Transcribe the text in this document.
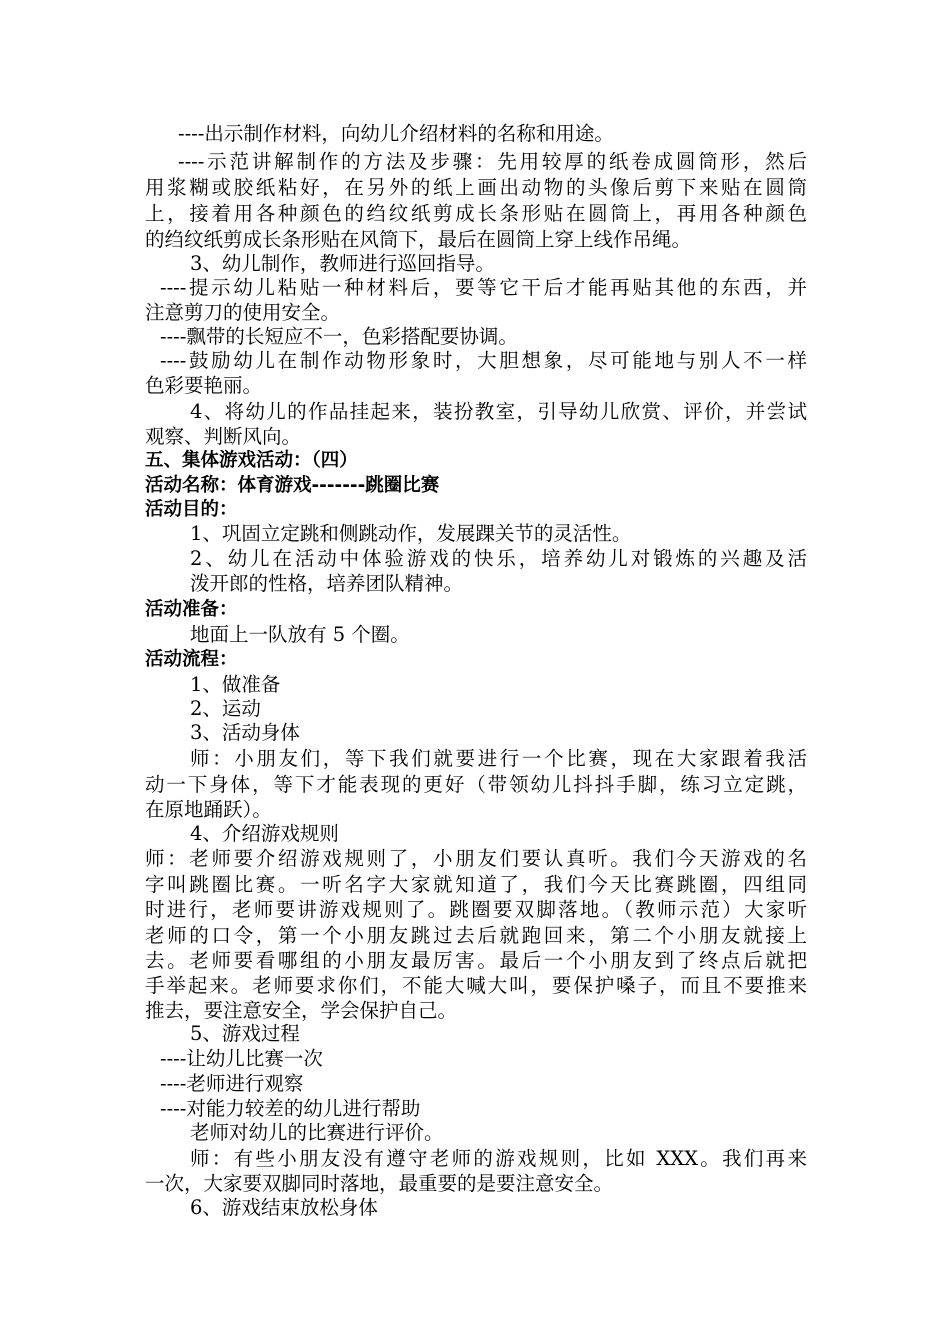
----出示制作材料，向幼儿介绍材料的名称和用途。
----示范讲解制作的方法及步骤：先用较厚的纸卷成圆筒形，然后
用浆糊或胶纸粘好，在另外的纸上画出动物的头像后剪下来贴在圆筒
上，接着用各种颜色的绉纹纸剪成长条形贴在圆筒上，再用各种颜色
的绉纹纸剪成长条形贴在风筒下，最后在圆筒上穿上线作吊绳。
3、幼儿制作，教师进行巡回指导。
----提示幼儿粘贴一种材料后，要等它干后才能再贴其他的东西，并
注意剪刀的使用安全。
----飘带的长短应不一，色彩搭配要协调。
----鼓励幼儿在制作动物形象时，大胆想象，尽可能地与别人不一样
色彩要艳丽。
4、将幼儿的作品挂起来，装扮教室，引导幼儿欣赏、评价，并尝试
观察、判断风向。
五、集体游戏活动：（四）
活动名称：体育游戏-------跳圈比赛
活动目的：
1、巩固立定跳和侧跳动作，发展踝关节的灵活性。
2、幼儿在活动中体验游戏的快乐，培养幼儿对锻炼的兴趣及活
泼开郎的性格，培养团队精神。
活动准备：
地面上一队放有 5 个圈。
活动流程：
1、做准备
2、运动
3、活动身体
师：小朋友们，等下我们就要进行一个比赛，现在大家跟着我活
动一下身体，等下才能表现的更好（带领幼儿抖抖手脚，练习立定跳，
在原地踊跃）。
4、介绍游戏规则
师：老师要介绍游戏规则了，小朋友们要认真听。我们今天游戏的名
字叫跳圈比赛。一听名字大家就知道了，我们今天比赛跳圈，四组同
时进行，老师要讲游戏规则了。跳圈要双脚落地。（教师示范）大家听
老师的口令，第一个小朋友跳过去后就跑回来，第二个小朋友就接上
去。老师要看哪组的小朋友最厉害。最后一个小朋友到了终点后就把
手举起来。老师要求你们，不能大喊大叫，要保护嗓子，而且不要推来
推去，要注意安全，学会保护自己。
5、游戏过程
----让幼儿比赛一次
----老师进行观察
----对能力较差的幼儿进行帮助
老师对幼儿的比赛进行评价。
师：有些小朋友没有遵守老师的游戏规则，比如 XXX。我们再来
一次，大家要双脚同时落地，最重要的是要注意安全。
6、游戏结束放松身体
